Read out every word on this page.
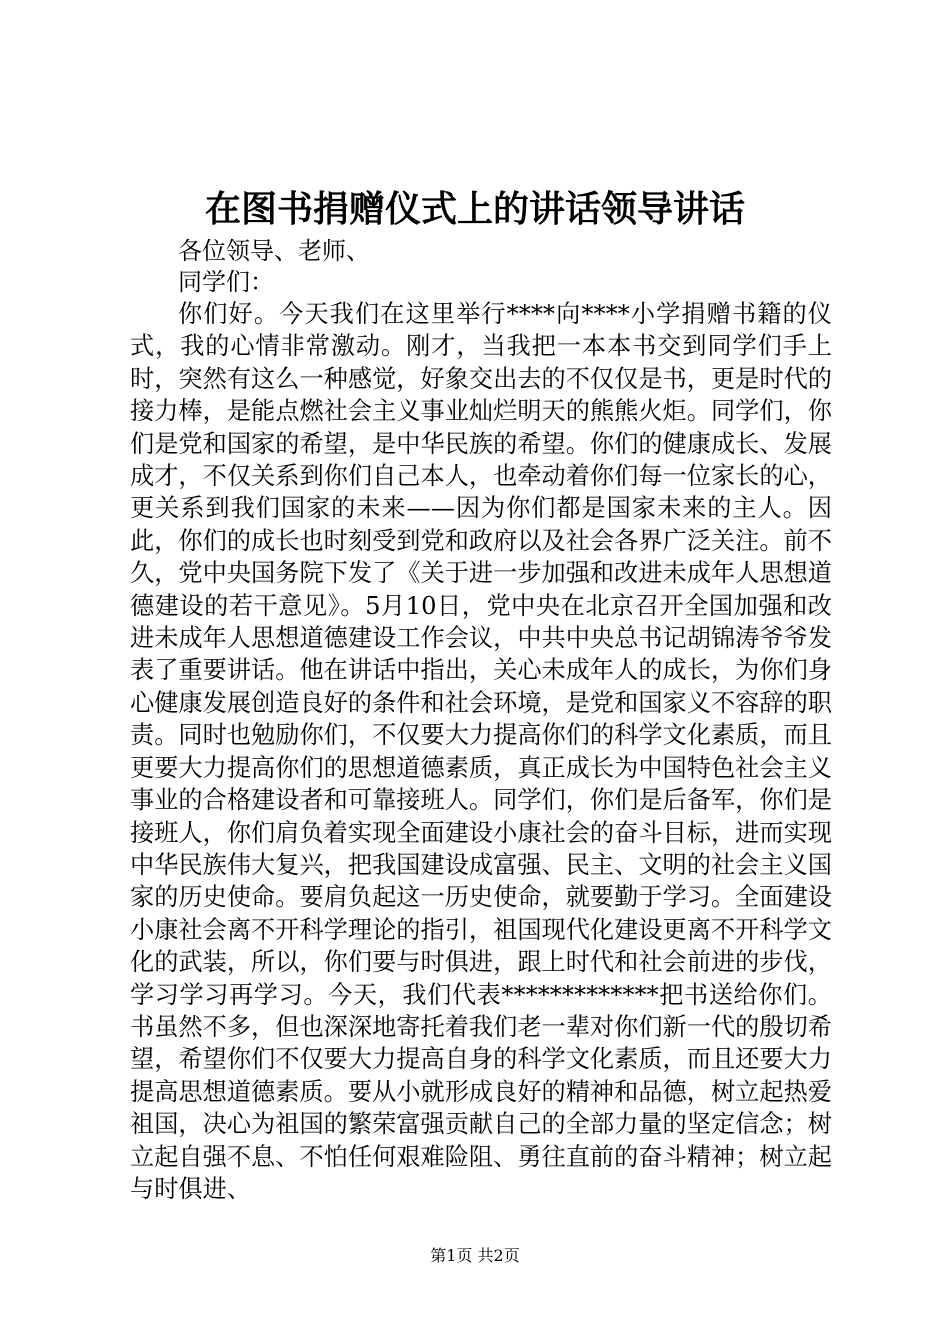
在图书捐赠仪式上的讲话领导讲话

各位领导、老师、

同学们：

你们好。今天我们在这里举行****向****小学捐赠书籍的仪式，我的心情非常激动。刚才，当我把一本本书交到同学们手上时，突然有这么一种感觉，好象交出去的不仅仅是书，更是时代的接力棒，是能点燃社会主义事业灿烂明天的熊熊火炬。同学们，你们是党和国家的希望，是中华民族的希望。你们的健康成长、发展成才，不仅关系到你们自己本人，也牵动着你们每一位家长的心，更关系到我们国家的未来——因为你们都是国家未来的主人。因此，你们的成长也时刻受到党和政府以及社会各界广泛关注。前不久，党中央国务院下发了《关于进一步加强和改进未成年人思想道德建设的若干意见》。5月10日，党中央在北京召开全国加强和改进未成年人思想道德建设工作会议，中共中央总书记胡锦涛爷爷发表了重要讲话。他在讲话中指出，关心未成年人的成长，为你们身心健康发展创造良好的条件和社会环境，是党和国家义不容辞的职责。同时也勉励你们，不仅要大力提高你们的科学文化素质，而且更要大力提高你们的思想道德素质，真正成长为中国特色社会主义事业的合格建设者和可靠接班人。同学们，你们是后备军，你们是接班人，你们肩负着实现全面建设小康社会的奋斗目标，进而实现中华民族伟大复兴，把我国建设成富强、民主、文明的社会主义国家的历史使命。要肩负起这一历史使命，就要勤于学习。全面建设小康社会离不开科学理论的指引，祖国现代化建设更离不开科学文化的武装，所以，你们要与时俱进，跟上时代和社会前进的步伐，学习学习再学习。今天，我们代表*************把书送给你们。书虽然不多，但也深深地寄托着我们老一辈对你们新一代的殷切希望，希望你们不仅要大力提高自身的科学文化素质，而且还要大力提高思想道德素质。要从小就形成良好的精神和品德，树立起热爱祖国，决心为祖国的繁荣富强贡献自己的全部力量的坚定信念；树立起自强不息、不怕任何艰难险阻、勇往直前的奋斗精神；树立起与时俱进、

第1页 共2页
